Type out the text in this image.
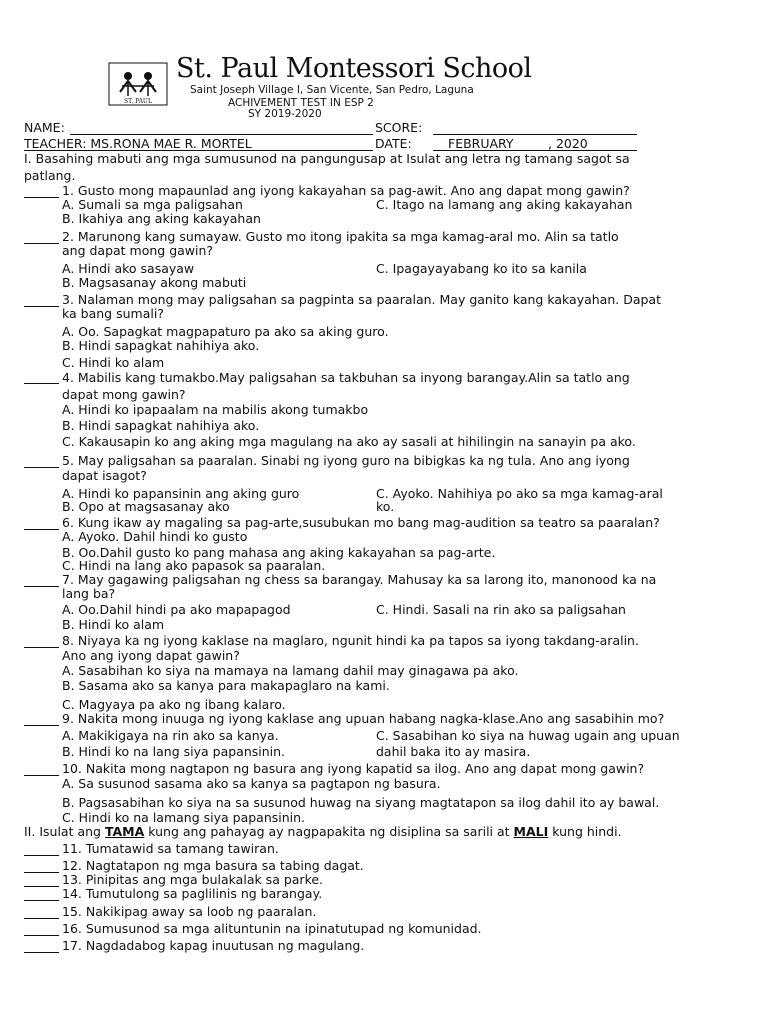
ST. PAUL
St. Paul Montessori School
Saint Joseph Village I, San Vicente, San Pedro, Laguna
ACHIVEMENT TEST IN ESP 2
SY 2019-2020
NAME:	SCORE:
TEACHER: MS.RONA MAE R. MORTEL	DATE:	FEBRUARY	, 2020
I. Basahing mabuti ang mga sumusunod na pangungusap at Isulat ang letra ng tamang sagot sa
patlang.
1. Gusto mong mapaunlad ang iyong kakayahan sa pag-awit. Ano ang dapat mong gawin?
A. Sumali sa mga paligsahan	C. Itago na lamang ang aking kakayahan
B. Ikahiya ang aking kakayahan
2. Marunong kang sumayaw. Gusto mo itong ipakita sa mga kamag-aral mo. Alin sa tatlo
ang dapat mong gawin?
A. Hindi ako sasayaw	C. Ipagayayabang ko ito sa kanila
B. Magsasanay akong mabuti
3. Nalaman mong may paligsahan sa pagpinta sa paaralan. May ganito kang kakayahan. Dapat
ka bang sumali?
A. Oo. Sapagkat magpapaturo pa ako sa aking guro.
B. Hindi sapagkat nahihiya ako.
C. Hindi ko alam
4. Mabilis kang tumakbo.May paligsahan sa takbuhan sa inyong barangay.Alin sa tatlo ang
dapat mong gawin?
A. Hindi ko ipapaalam na mabilis akong tumakbo
B. Hindi sapagkat nahihiya ako.
C. Kakausapin ko ang aking mga magulang na ako ay sasali at hihilingin na sanayin pa ako.
5. May paligsahan sa paaralan. Sinabi ng iyong guro na bibigkas ka ng tula. Ano ang iyong
dapat isagot?
A. Hindi ko papansinin ang aking guro	C. Ayoko. Nahihiya po ako sa mga kamag-aral
B. Opo at magsasanay ako	ko.
6. Kung ikaw ay magaling sa pag-arte,susubukan mo bang mag-audition sa teatro sa paaralan?
A. Ayoko. Dahil hindi ko gusto
B. Oo.Dahil gusto ko pang mahasa ang aking kakayahan sa pag-arte.
C. Hindi na lang ako papasok sa paaralan.
7. May gagawing paligsahan ng chess sa barangay. Mahusay ka sa larong ito, manonood ka na
lang ba?
A. Oo.Dahil hindi pa ako mapapagod	C. Hindi. Sasali na rin ako sa paligsahan
B. Hindi ko alam
8. Niyaya ka ng iyong kaklase na maglaro, ngunit hindi ka pa tapos sa iyong takdang-aralin.
Ano ang iyong dapat gawin?
A. Sasabihan ko siya na mamaya na lamang dahil may ginagawa pa ako.
B. Sasama ako sa kanya para makapaglaro na kami.
C. Magyaya pa ako ng ibang kalaro.
9. Nakita mong inuuga ng iyong kaklase ang upuan habang nagka-klase.Ano ang sasabihin mo?
A. Makikigaya na rin ako sa kanya.	C. Sasabihan ko siya na huwag ugain ang upuan
B. Hindi ko na lang siya papansinin.	dahil baka ito ay masira.
10. Nakita mong nagtapon ng basura ang iyong kapatid sa ilog. Ano ang dapat mong gawin?
A. Sa susunod sasama ako sa kanya sa pagtapon ng basura.
B. Pagsasabihan ko siya na sa susunod huwag na siyang magtatapon sa ilog dahil ito ay bawal.
C. Hindi ko na lamang siya papansinin.
II. Isulat ang TAMA kung ang pahayag ay nagpapakita ng disiplina sa sarili at MALI kung hindi.
11. Tumatawid sa tamang tawiran.
12. Nagtatapon ng mga basura sa tabing dagat.
13. Pinipitas ang mga bulakalak sa parke.
14. Tumutulong sa paglilinis ng barangay.
15. Nakikipag away sa loob ng paaralan.
16. Sumusunod sa mga alituntunin na ipinatutupad ng komunidad.
17. Nagdadabog kapag inuutusan ng magulang.
